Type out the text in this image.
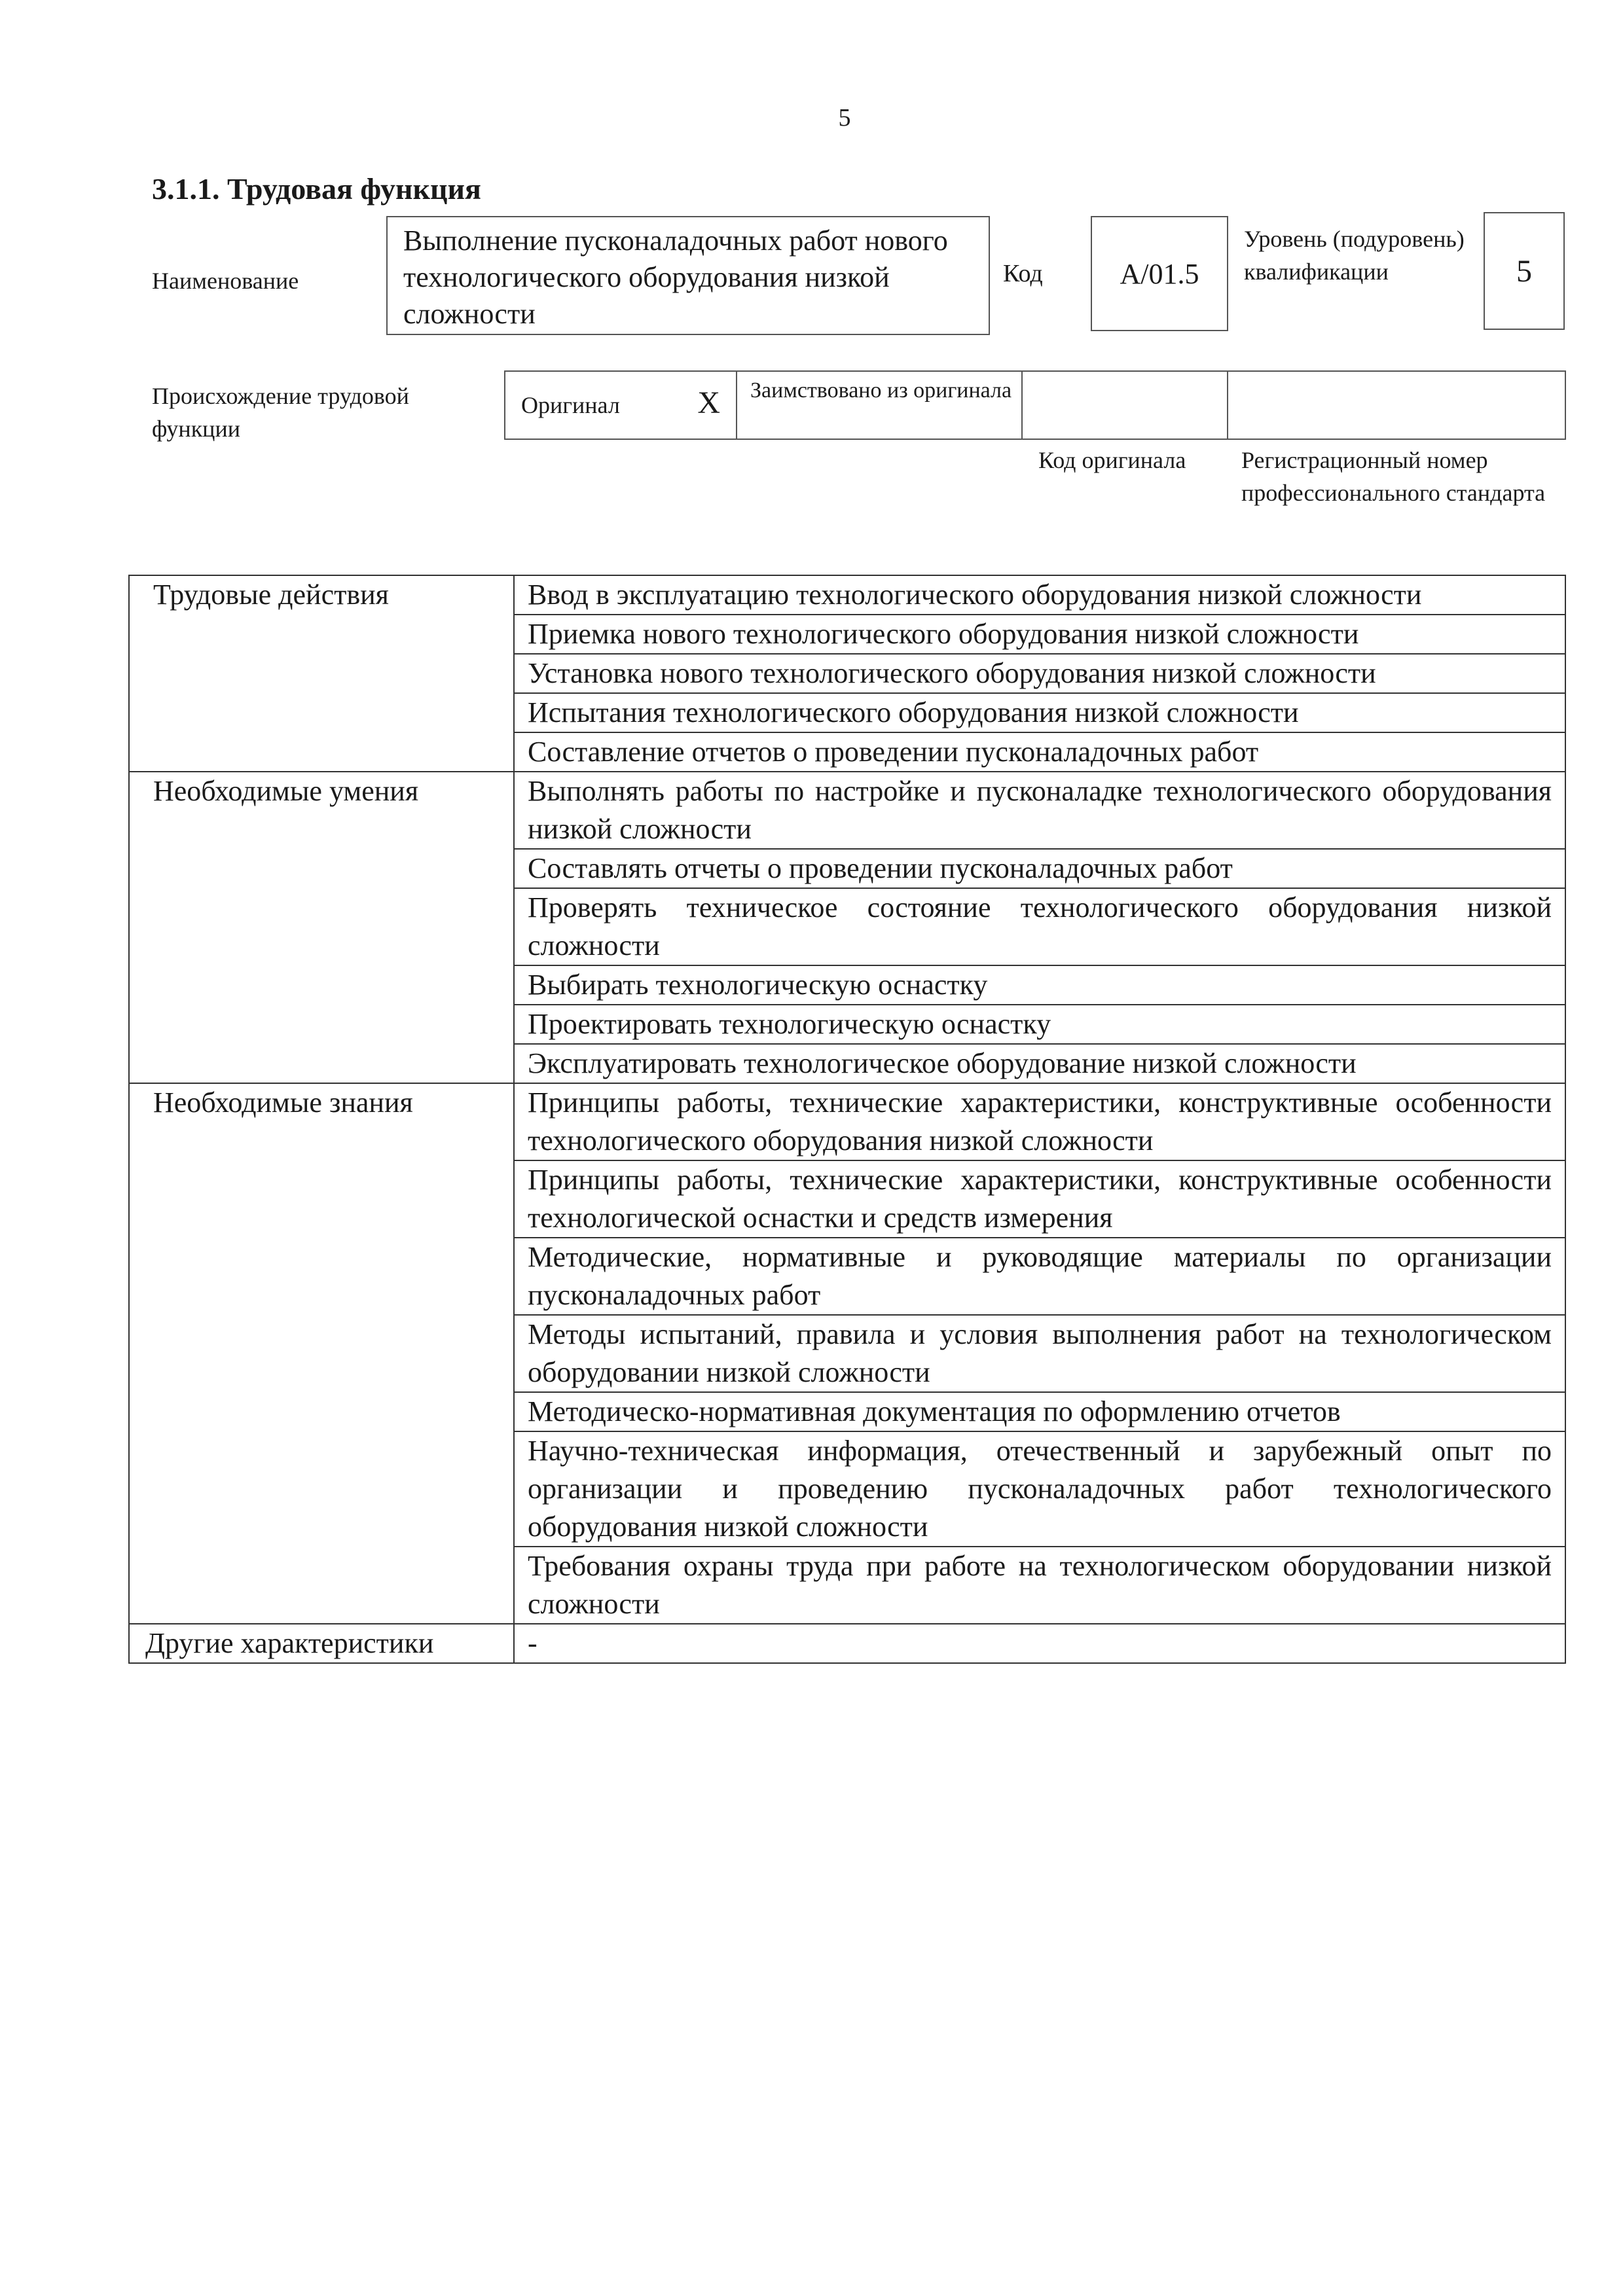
5
3.1.1. Трудовая функция
Наименование
Выполнение пусконаладочных работ нового технологического оборудования низкой сложности
Код	А/01.5
Уровень (подуровень) квалификации	5
Происхождение трудовой функции
Оригинал X Заимствовано из оригинала
Код оригинала Регистрационный номер профессионального стандарта
Трудовые действия	Ввод в эксплуатацию технологического оборудования низкой сложности
	Приемка нового технологического оборудования низкой сложности
	Установка нового технологического оборудования низкой сложности
	Испытания технологического оборудования низкой сложности
	Составление отчетов о проведении пусконаладочных работ
Необходимые умения	Выполнять работы по настройке и пусконаладке технологического оборудования низкой сложности
	Составлять отчеты о проведении пусконаладочных работ
	Проверять техническое состояние технологического оборудования низкой сложности
	Выбирать технологическую оснастку
	Проектировать технологическую оснастку
	Эксплуатировать технологическое оборудование низкой сложности
Необходимые знания	Принципы работы, технические характеристики, конструктивные особенности технологического оборудования низкой сложности
	Принципы работы, технические характеристики, конструктивные особенности технологической оснастки и средств измерения
	Методические, нормативные и руководящие материалы по организации пусконаладочных работ
	Методы испытаний, правила и условия выполнения работ на технологическом оборудовании низкой сложности
	Методическо-нормативная документация по оформлению отчетов
	Научно-техническая информация, отечественный и зарубежный опыт по организации и проведению пусконаладочных работ технологического оборудования низкой сложности
	Требования охраны труда при работе на технологическом оборудовании низкой сложности
Другие характеристики	-
